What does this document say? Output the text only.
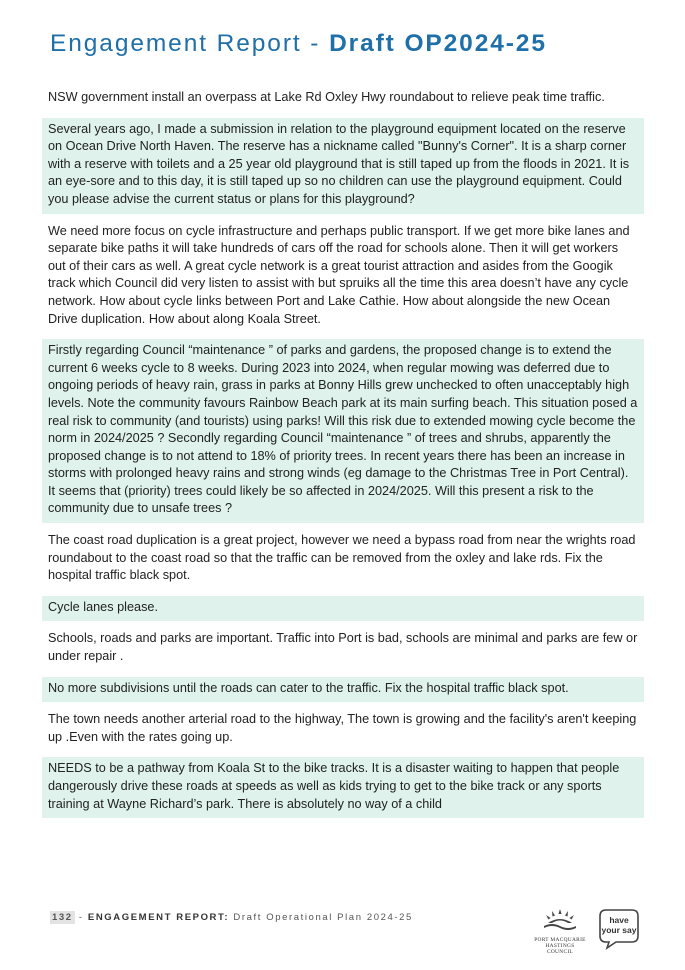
Engagement Report - Draft OP2024-25
NSW government install an overpass at Lake Rd Oxley Hwy roundabout to relieve peak time traffic.
Several years ago, I made a submission in relation to the playground equipment located on the reserve on Ocean Drive North Haven. The reserve has a nickname called "Bunny's Corner". It is a sharp corner with a reserve with toilets and a 25 year old playground that is still taped up from the floods in 2021. It is an eye-sore and to this day, it is still taped up so no children can use the playground equipment. Could you please advise the current status or plans for this playground?
We need more focus on cycle infrastructure and perhaps public transport. If we get more bike lanes and separate bike paths it will take hundreds of cars off the road for schools alone. Then it will get workers out of their cars as well. A great cycle network is a great tourist attraction and asides from the Googik track which Council did very listen to assist with but spruiks all the time this area doesn’t have any cycle network. How about cycle links between Port and Lake Cathie. How about alongside the new Ocean Drive duplication. How about along Koala Street.
Firstly regarding Council “maintenance ” of parks and gardens, the proposed change is to extend the current 6 weeks cycle to 8 weeks. During 2023 into 2024, when regular mowing was deferred due to ongoing periods of heavy rain, grass in parks at Bonny Hills grew unchecked to often unacceptably high levels. Note the community favours Rainbow Beach park at its main surfing beach. This situation posed a real risk to community (and tourists) using parks! Will this risk due to extended mowing cycle become the norm in 2024/2025 ? Secondly regarding Council “maintenance ” of trees and shrubs, apparently the proposed change is to not attend to 18% of priority trees. In recent years there has been an increase in storms with prolonged heavy rains and strong winds (eg damage to the Christmas Tree in Port Central). It seems that (priority) trees could likely be so affected in 2024/2025. Will this present a risk to the community due to unsafe trees ?
The coast road duplication is a great project, however we need a bypass road from near the wrights road roundabout to the coast road so that the traffic can be removed from the oxley and lake rds. Fix the hospital traffic black spot.
Cycle lanes please.
Schools, roads and parks are important. Traffic into Port is bad, schools are minimal and parks are few or under repair .
No more subdivisions until the roads can cater to the traffic. Fix the hospital traffic black spot.
The town needs another arterial road to the highway, The town is growing and the facility's aren't keeping up .Even with the rates going up.
NEEDS to be a pathway from Koala St to the bike tracks. It is a disaster waiting to happen that people dangerously drive these roads at speeds as well as kids trying to get to the bike track or any sports training at Wayne Richard’s park. There is absolutely no way of a child
132 - ENGAGEMENT REPORT: Draft Operational Plan 2024-25
PORT MACQUARIE
HASTINGS COUNCIL
have
your say
